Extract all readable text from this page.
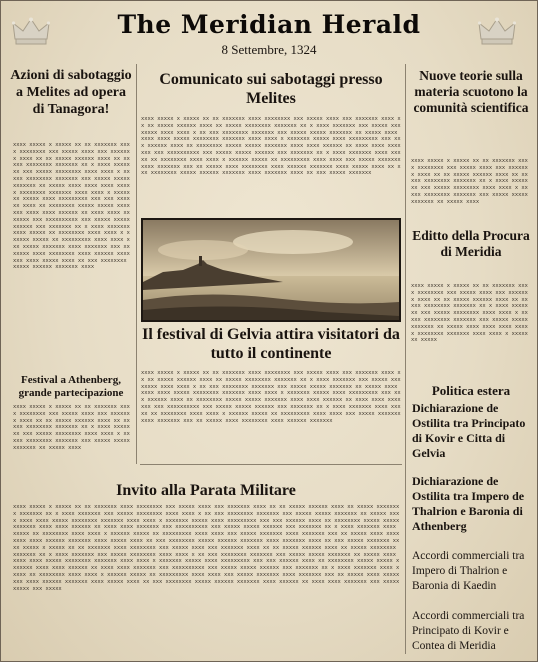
The Meridian Herald
8 Settembre, 1324
Azioni di sabotaggio a Melites ad opera di Tanagora!
xxxx xxxxx x xxxxx xx xx xxxxxxx xxxx xxxxxxxx xxx xxxxx xxxx xxx xxxxxxx xxxx xx xx xxxxx xxxxxx xxxx xx xxxxx xxxxxxxx xxxxxxx xx x xxxx xxxxxxx xxx xxxxx xxxxxxxx xxxx xxxx x xx xxx xxxxxxxx xxxxxxx xxx xxxxx xxxxx xxxxxxx xx xxxxx xxxx xxxx xxxx xxxxx xxxxxxxx xxxxxxx xxxx xxxx x xxxxxxx xxxxx xxxx xxxxxxxxx xxx xxx xxxxxx xxxx xx xxxxxxxx xxxxx xxxxx xxxxxxx xxxx xxxx xxxxxx xx xxxx xxxx xxxxxxx xxx xxxxxxxxxx xxx xxxxx xxxxx xxxxxx xxx xxxxxxx xx x xxxx xxxxxxx xxxx xxxxx xx xxxxxxxx xxxx xxxx x xxxxxx xxxxx xx xxxxxxxxx xxxx xxxx xxx xxxxx xxxxxxx xxxx xxxxxxx xxx xx xxxxx xxxx xxxxxxxx xxxx xxxxxx xxxxxxx xxxx xxxxx xxxx xx xxx xxxxxxxx xxxxx xxxxxx xxxxxxx xxxx
Festival a Athenberg, grande partecipazione
xxxx xxxxx x xxxxx xx xx xxxxxxx xxxx xxxxxxxx xxx xxxxx xxxx xxx xxxxxxx xxxx xx xx xxxxx xxxxxx xxxx xx xxxxx xxxxxxxx xxxxxxx xx x xxxx xxxxxxx xxx xxxxx xxxxxxxx xxxx xxxx x xx xxx xxxxxxxx xxxxxxx xxx xxxxx xxxxx xxxxxxx xx xxxxx xxxx
Comunicato sui sabotaggi presso Melites
xxxx xxxxx x xxxxx xx xx xxxxxxx xxxx xxxxxxxx xxx xxxxx xxxx xxx xxxxxxx xxxx xx xx xxxxx xxxxxx xxxx xx xxxxx xxxxxxxx xxxxxxx xx x xxxx xxxxxxx xxx xxxxx xxxxxxxx xxxx xxxx x xx xxx xxxxxxxx xxxxxxx xxx xxxxx xxxxx xxxxxxx xx xxxxx xxxx xxxx xxxx xxxxx xxxxxxxx xxxxxxx xxxx xxxx x xxxxxxx xxxxx xxxx xxxxxxxxx xxx xxx xxxxxx xxxx xx xxxxxxxx xxxxx xxxxx xxxxxxx xxxx xxxx xxxxxx xx xxxx xxxx xxxxxxx xxx xxxxxxxxxx xxx xxxxx xxxxx xxxxxx xxx xxxxxxx xx x xxxx xxxxxxx xxxx xxxxx xx xxxxxxxx xxxx xxxx x xxxxxx xxxxx xx xxxxxxxxx xxxx xxxx xxx xxxxx xxxxxxx xxxx xxxxxxx xxx xx xxxxx xxxx xxxxxxxx xxxx xxxxxx xxxxxxx xxxx xxxxx xxxx xx xxx xxxxxxxx xxxxx xxxxxx xxxxxxx xxxx xxxxxxx xxxx xx xxx xxxxx xxxxxxx
Il festival di Gelvia attira visitatori da tutto il continente
xxxx xxxxx x xxxxx xx xx xxxxxxx xxxx xxxxxxxx xxx xxxxx xxxx xxx xxxxxxx xxxx xx xx xxxxx xxxxxx xxxx xx xxxxx xxxxxxxx xxxxxxx xx x xxxx xxxxxxx xxx xxxxx xxxxxxxx xxxx xxxx x xx xxx xxxxxxxx xxxxxxx xxx xxxxx xxxxx xxxxxxx xx xxxxx xxxx xxxx xxxx xxxxx xxxxxxxx xxxxxxx xxxx xxxx x xxxxxxx xxxxx xxxx xxxxxxxxx xxx xxx xxxxxx xxxx xx xxxxxxxx xxxxx xxxxx xxxxxxx xxxx xxxx xxxxxx xx xxxx xxxx xxxxxxx xxx xxxxxxxxxx xxx xxxxx xxxxx xxxxxx xxx xxxxxxx xx x xxxx xxxxxxx xxxx xxxxx xx xxxxxxxx xxxx xxxx x xxxxxx xxxxx xx xxxxxxxxx xxxx xxxx xxx xxxxx xxxxxxx xxxx xxxxxxx xxx xx xxxxx xxxx xxxxxxxx xxxx xxxxxx xxxxxxx
Invito alla Parata Militare
xxxx xxxxx x xxxxx xx xx xxxxxxx xxxx xxxxxxxx xxx xxxxx xxxx xxx xxxxxxx xxxx xx xx xxxxx xxxxxx xxxx xx xxxxx xxxxxxxx xxxxxxx xx x xxxx xxxxxxx xxx xxxxx xxxxxxxx xxxx xxxx x xx xxx xxxxxxxx xxxxxxx xxx xxxxx xxxxx xxxxxxx xx xxxxx xxxx xxxx xxxx xxxxx xxxxxxxx xxxxxxx xxxx xxxx x xxxxxxx xxxxx xxxx xxxxxxxxx xxx xxx xxxxxx xxxx xx xxxxxxxx xxxxx xxxxx xxxxxxx xxxx xxxx xxxxxx xx xxxx xxxx xxxxxxx xxx xxxxxxxxxx xxx xxxxx xxxxx xxxxxx xxx xxxxxxx xx x xxxx xxxxxxx xxxx xxxxx xx xxxxxxxx xxxx xxxx x xxxxxx xxxxx xx xxxxxxxxx xxxx xxxx xxx xxxxx xxxxxxx xxxx xxxxxxx xxx xx xxxxx xxxx xxxxxxxx xxxx xxxxxx xxxxxxx xxxx xxxxx xxxx xx xxx xxxxxxxx xxxxx xxxxxx xxxxxxx xxxx xxxxxxx xxxx xx xxx xxxxx xxxxxxx xxxx xxxxx x xxxxx xx xx xxxxxxx xxxx xxxxxxxx xxx xxxxx xxxx xxx xxxxxxx xxxx xx xx xxxxx xxxxxx xxxx xx xxxxx xxxxxxxx xxxxxxx xx x xxxx xxxxxxx xxx xxxxx xxxxxxxx xxxx xxxx x xx xxx xxxxxxxx xxxxxxx xxx xxxxx xxxxx xxxxxxx xx xxxxx xxxx xxxx xxxx xxxxx xxxxxxxx xxxxxxx xxxx xxxx x xxxxxxx xxxxx xxxx xxxxxxxxx xxx xxx xxxxxx xxxx xx xxxxxxxx xxxxx xxxxx xxxxxxx xxxx xxxx xxxxxx xx xxxx xxxx xxxxxxx xxx xxxxxxxxxx xxx xxxxx xxxxx xxxxxx xxx xxxxxxx xx x xxxx xxxxxxx xxxx xxxxx xx xxxxxxxx xxxx xxxx x xxxxxx xxxxx xx xxxxxxxxx xxxx xxxx xxx xxxxx xxxxxxx xxxx xxxxxxx xxx xx xxxxx xxxx xxxxxxxx xxxx xxxxxx xxxxxxx xxxx xxxxx xxxx xx xxx xxxxxxxx xxxxx xxxxxx xxxxxxx xxxx xxxxxx xx xxxx xxxx xxxxxxx xxx xxxxxxxxxx xxx xxxxx
Nuove teorie sulla materia scuotono la comunità scientifica
xxxx xxxxx x xxxxx xx xx xxxxxxx xxxx xxxxxxxx xxx xxxxx xxxx xxx xxxxxxx xxxx xx xx xxxxx xxxxxx xxxx xx xxxxx xxxxxxxx xxxxxxx xx x xxxx xxxxxxx xxx xxxxx xxxxxxxx xxxx xxxx x xx xxx xxxxxxxx xxxxxxx xxx xxxxx xxxxx xxxxxxx xx xxxxx xxxx
Editto della Procura di Meridia
xxxx xxxxx x xxxxx xx xx xxxxxxx xxxx xxxxxxxx xxx xxxxx xxxx xxx xxxxxxx xxxx xx xx xxxxx xxxxxx xxxx xx xxxxx xxxxxxxx xxxxxxx xx x xxxx xxxxxxx xxx xxxxx xxxxxxxx xxxx xxxx x xx xxx xxxxxxxx xxxxxxx xxx xxxxx xxxxx xxxxxxx xx xxxxx xxxx xxxx xxxx xxxxx xxxxxxxx xxxxxxx xxxx xxxx x xxxxxxx xxxxx
Politica estera
Dichiarazione de Ostilita tra Principato di Kovir e Citta di Gelvia
Dichiarazione de Ostilita tra Impero de Thalrion e Baronia di Athenberg
Accordi commerciali tra Impero di Thalrion e Baronia di Kaedin
Accordi commerciali tra Principato di Kovir e Contea di Meridia
